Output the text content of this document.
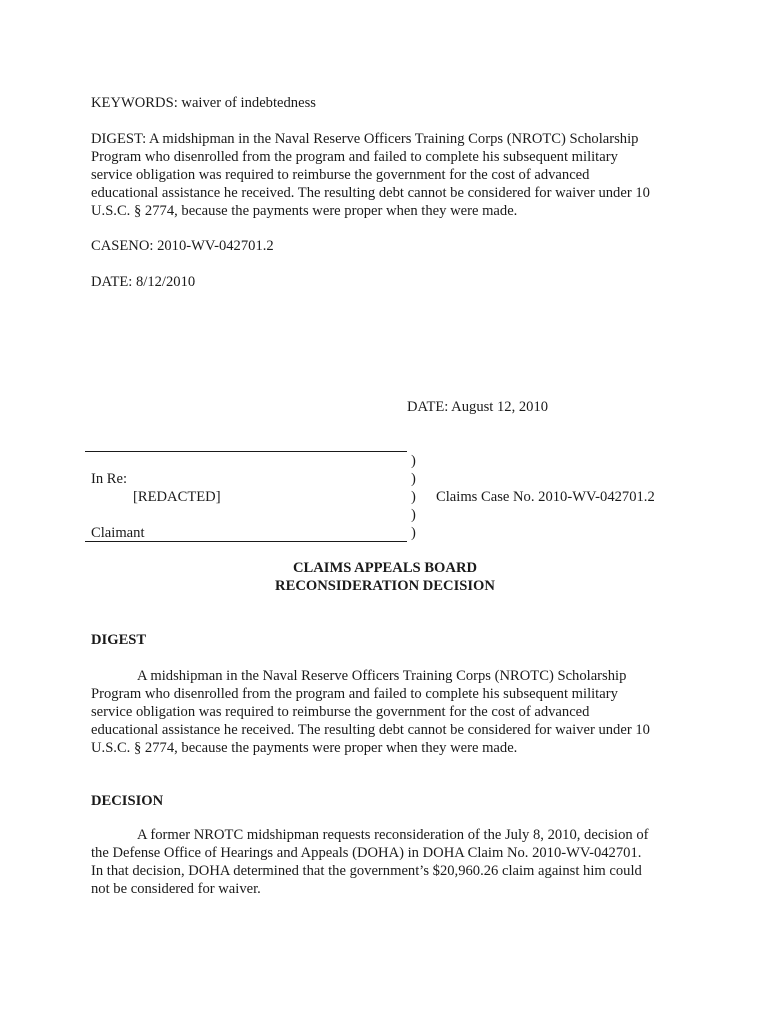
KEYWORDS: waiver of indebtedness
DIGEST: A midshipman in the Naval Reserve Officers Training Corps (NROTC) Scholarship
Program who disenrolled from the program and failed to complete his subsequent military
service obligation was required to reimburse the government for the cost of advanced
educational assistance he received. The resulting debt cannot be considered for waiver under 10
U.S.C. § 2774, because the payments were proper when they were made.
CASENO: 2010-WV-042701.2
DATE: 8/12/2010
DATE: August 12, 2010
In Re:
[REDACTED]
Claimant
)
)
)
)
)
Claims Case No. 2010-WV-042701.2
CLAIMS APPEALS BOARD
RECONSIDERATION DECISION
DIGEST
A midshipman in the Naval Reserve Officers Training Corps (NROTC) Scholarship
Program who disenrolled from the program and failed to complete his subsequent military
service obligation was required to reimburse the government for the cost of advanced
educational assistance he received. The resulting debt cannot be considered for waiver under 10
U.S.C. § 2774, because the payments were proper when they were made.
DECISION
A former NROTC midshipman requests reconsideration of the July 8, 2010, decision of
the Defense Office of Hearings and Appeals (DOHA) in DOHA Claim No. 2010-WV-042701.
In that decision, DOHA determined that the government’s $20,960.26 claim against him could
not be considered for waiver.
